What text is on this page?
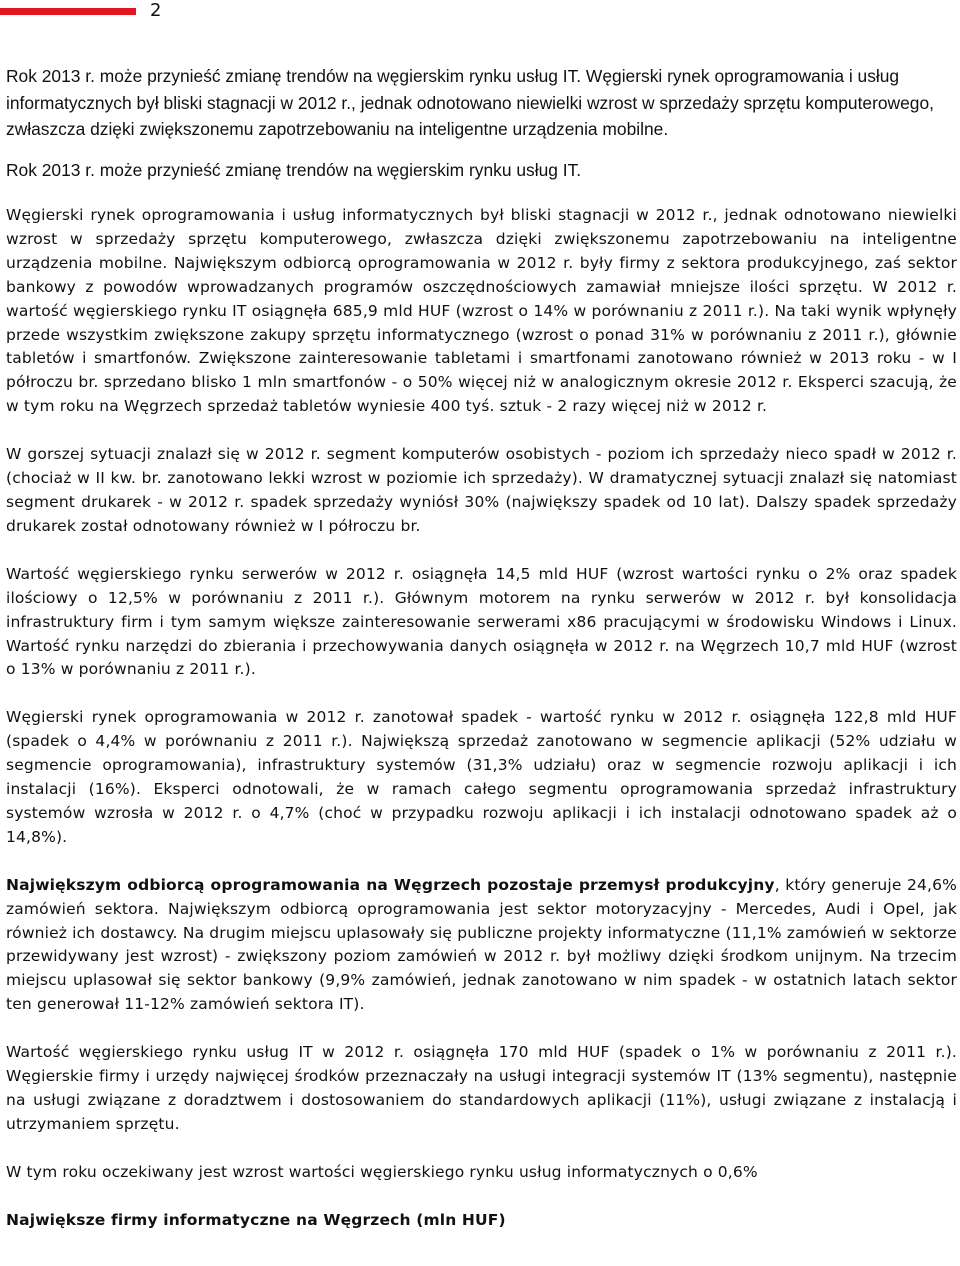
2

Rok 2013 r. może przynieść zmianę trendów na węgierskim rynku usług IT. Węgierski rynek oprogramowania i usług informatycznych był bliski stagnacji w 2012 r., jednak odnotowano niewielki wzrost w sprzedaży sprzętu komputerowego, zwłaszcza dzięki zwiększonemu zapotrzebowaniu na inteligentne urządzenia mobilne.

Rok 2013 r. może przynieść zmianę trendów na węgierskim rynku usług IT.

Węgierski rynek oprogramowania i usług informatycznych był bliski stagnacji w 2012 r., jednak odnotowano niewielki wzrost w sprzedaży sprzętu komputerowego, zwłaszcza dzięki zwiększonemu zapotrzebowaniu na inteligentne urządzenia mobilne. Największym odbiorcą oprogramowania w 2012 r. były firmy z sektora produkcyjnego, zaś sektor bankowy z powodów wprowadzanych programów oszczędnościowych zamawiał mniejsze ilości sprzętu. W 2012 r. wartość węgierskiego rynku IT osiągnęła 685,9 mld HUF (wzrost o 14% w porównaniu z 2011 r.). Na taki wynik wpłynęły przede wszystkim zwiększone zakupy sprzętu informatycznego (wzrost o ponad 31% w porównaniu z 2011 r.), głównie tabletów i smartfonów. Zwiększone zainteresowanie tabletami i smartfonami zanotowano również w 2013 roku - w I półroczu br. sprzedano blisko 1 mln smartfonów - o 50% więcej niż w analogicznym okresie 2012 r. Eksperci szacują, że w tym roku na Węgrzech sprzedaż tabletów wyniesie 400 tyś. sztuk - 2 razy więcej niż w 2012 r.

W gorszej sytuacji znalazł się w 2012 r. segment komputerów osobistych - poziom ich sprzedaży nieco spadł w 2012 r. (chociaż w II kw. br. zanotowano lekki wzrost w poziomie ich sprzedaży). W dramatycznej sytuacji znalazł się natomiast segment drukarek - w 2012 r. spadek sprzedaży wyniósł 30% (największy spadek od 10 lat). Dalszy spadek sprzedaży drukarek został odnotowany również w I półroczu br.

Wartość węgierskiego rynku serwerów w 2012 r. osiągnęła 14,5 mld HUF (wzrost wartości rynku o 2% oraz spadek ilościowy o 12,5% w porównaniu z 2011 r.). Głównym motorem na rynku serwerów w 2012 r. był konsolidacja infrastruktury firm i tym samym większe zainteresowanie serwerami x86 pracującymi w środowisku Windows i Linux. Wartość rynku narzędzi do zbierania i przechowywania danych osiągnęła w 2012 r. na Węgrzech 10,7 mld HUF (wzrost o 13% w porównaniu z 2011 r.).

Węgierski rynek oprogramowania w 2012 r. zanotował spadek - wartość rynku w 2012 r. osiągnęła 122,8 mld HUF (spadek o 4,4% w porównaniu z 2011 r.). Największą sprzedaż zanotowano w segmencie aplikacji (52% udziału w segmencie oprogramowania), infrastruktury systemów (31,3% udziału) oraz w segmencie rozwoju aplikacji i ich instalacji (16%). Eksperci odnotowali, że w ramach całego segmentu oprogramowania sprzedaż infrastruktury systemów wzrosła w 2012 r. o 4,7% (choć w przypadku rozwoju aplikacji i ich instalacji odnotowano spadek aż o 14,8%).

Największym odbiorcą oprogramowania na Węgrzech pozostaje przemysł produkcyjny, który generuje 24,6% zamówień sektora. Największym odbiorcą oprogramowania jest sektor motoryzacyjny - Mercedes, Audi i Opel, jak również ich dostawcy. Na drugim miejscu uplasowały się publiczne projekty informatyczne (11,1% zamówień w sektorze przewidywany jest wzrost) - zwiększony poziom zamówień w 2012 r. był możliwy dzięki środkom unijnym. Na trzecim miejscu uplasował się sektor bankowy (9,9% zamówień, jednak zanotowano w nim spadek - w ostatnich latach sektor ten generował 11-12% zamówień sektora IT).

Wartość węgierskiego rynku usług IT w 2012 r. osiągnęła 170 mld HUF (spadek o 1% w porównaniu z 2011 r.). Węgierskie firmy i urzędy najwięcej środków przeznaczały na usługi integracji systemów IT (13% segmentu), następnie na usługi związane z doradztwem i dostosowaniem do standardowych aplikacji (11%), usługi związane z instalacją i utrzymaniem sprzętu.

W tym roku oczekiwany jest wzrost wartości węgierskiego rynku usług informatycznych o 0,6%

Największe firmy informatyczne na Węgrzech (mln HUF)
